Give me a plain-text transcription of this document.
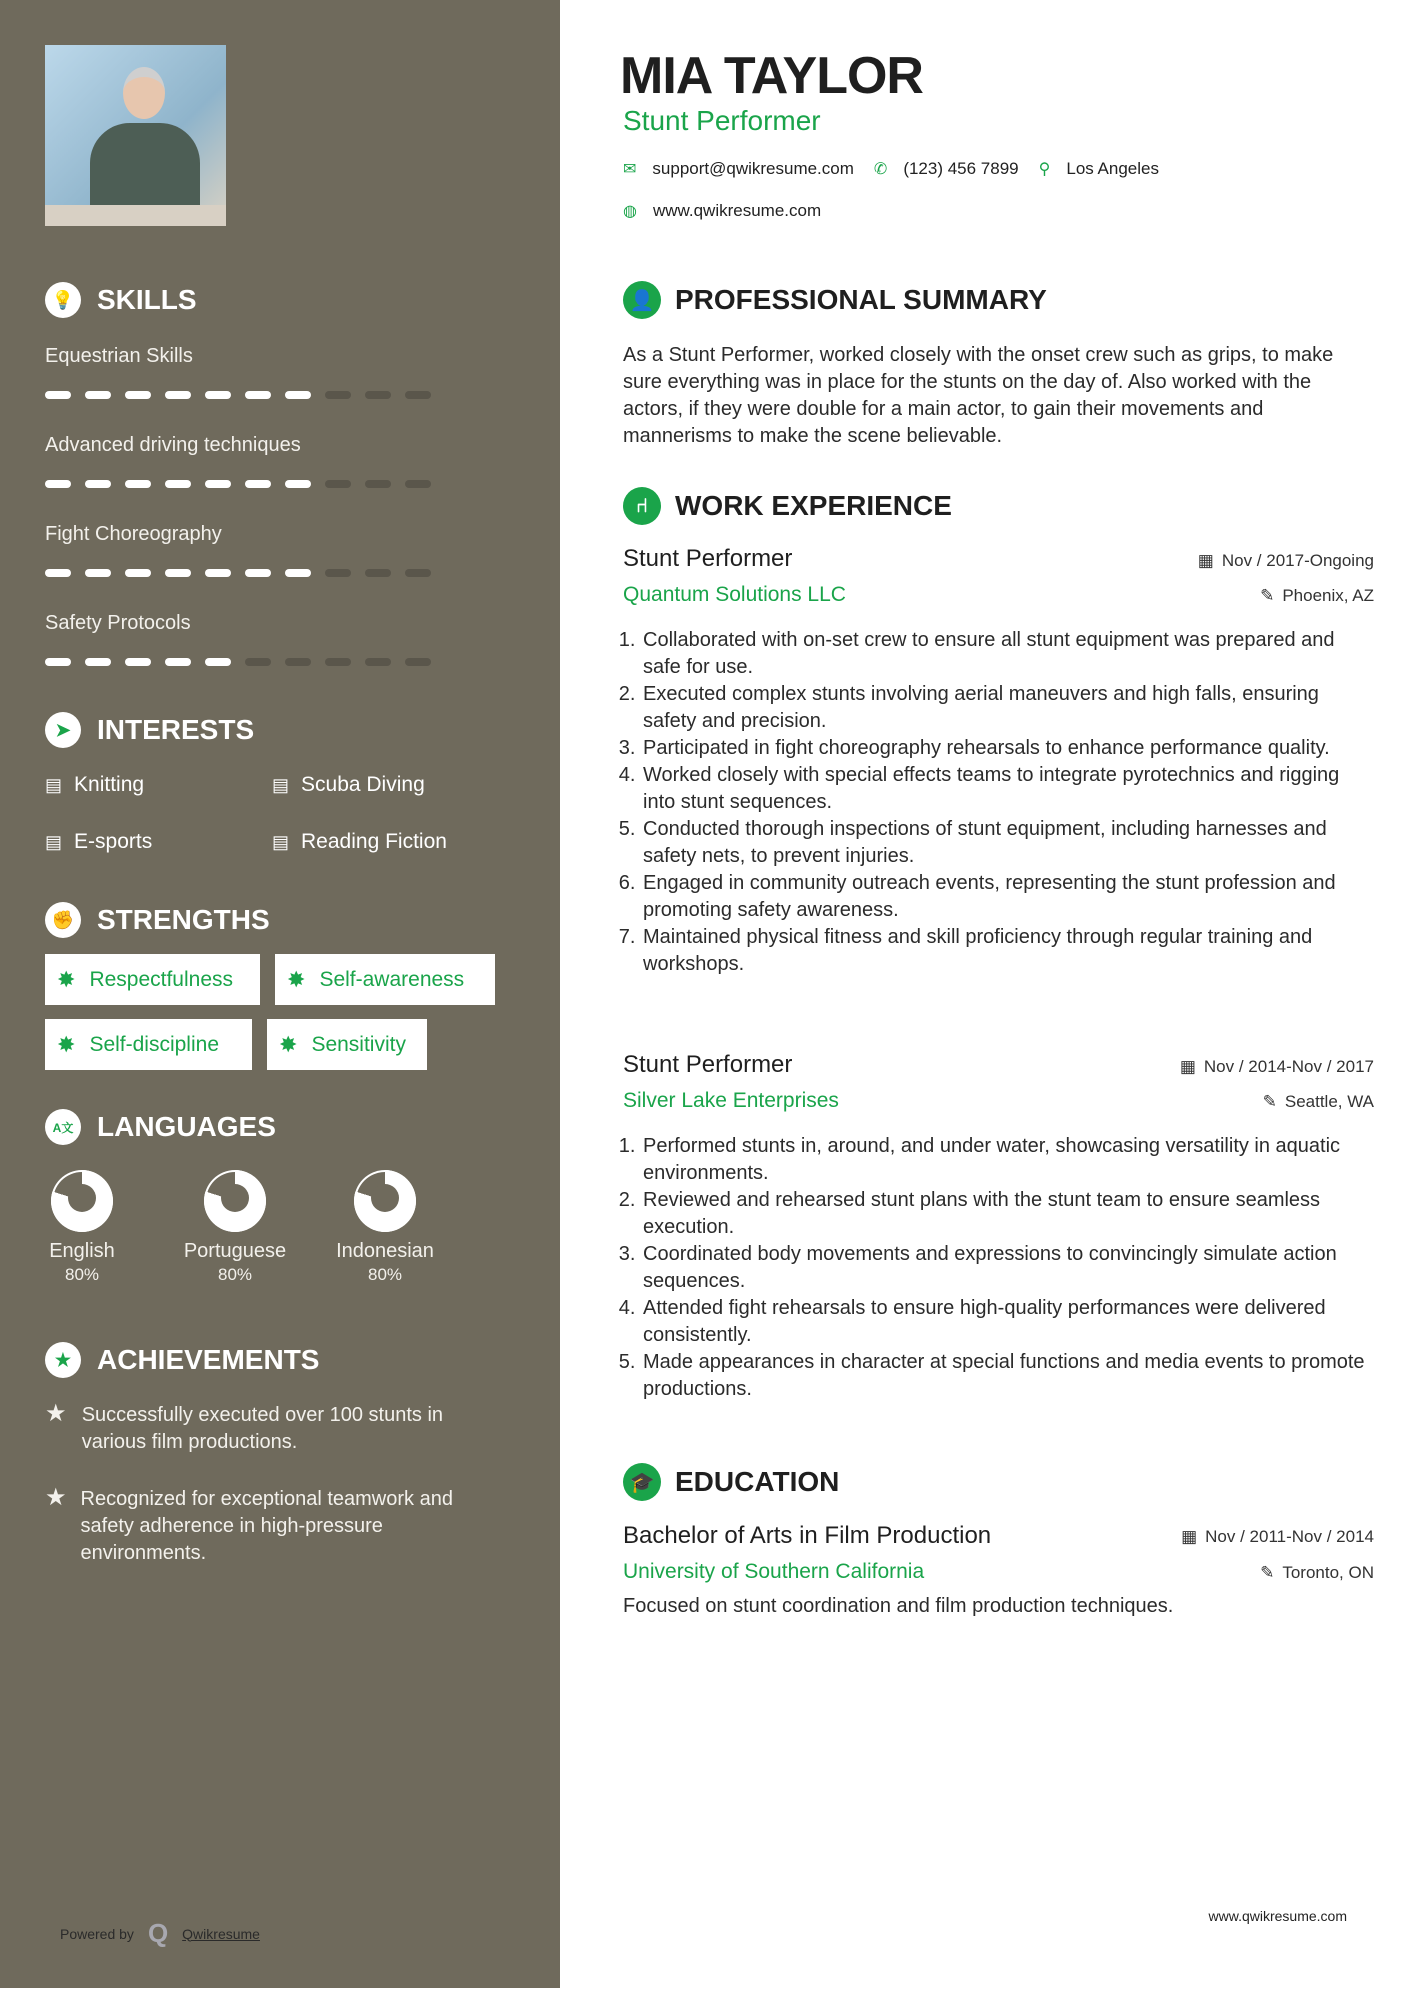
💡 SKILLS
Equestrian Skills
Advanced driving techniques
Fight Choreography
Safety Protocols
➤ INTERESTS
▤ Knitting	▤ Scuba Diving
▤ E-sports	▤ Reading Fiction
✊ STRENGTHS
✸ Respectfulness ✸ Self-awareness
✸ Self-discipline	✸ Sensitivity
A文 LANGUAGES
English
80%
Portuguese
80%
Indonesian
80%
★ ACHIEVEMENTS
★ Successfully executed over 100 stunts in various film productions.
★ Recognized for exceptional teamwork and safety adherence in high-pressure environments.
Powered by Q Qwikresume
MIA TAYLOR
Stunt Performer
✉ support@qwikresume.com ✆ (123) 456 7899 ⚲ Los Angeles
◍ www.qwikresume.com
👤 PROFESSIONAL SUMMARY
As a Stunt Performer, worked closely with the onset crew such as grips, to make sure everything was in place for the stunts on the day of. Also worked with the actors, if they were double for a main actor, to gain their movements and mannerisms to make the scene believable.
⑁ WORK EXPERIENCE
Stunt Performer	▦ Nov / 2017-Ongoing
Quantum Solutions LLC	✎ Phoenix, AZ
1. Collaborated with on-set crew to ensure all stunt equipment was prepared and safe for use.
2. Executed complex stunts involving aerial maneuvers and high falls, ensuring safety and precision.
3. Participated in fight choreography rehearsals to enhance performance quality.
4. Worked closely with special effects teams to integrate pyrotechnics and rigging into stunt sequences.
5. Conducted thorough inspections of stunt equipment, including harnesses and safety nets, to prevent injuries.
6. Engaged in community outreach events, representing the stunt profession and promoting safety awareness.
7. Maintained physical fitness and skill proficiency through regular training and workshops.
Stunt Performer	▦ Nov / 2014-Nov / 2017
Silver Lake Enterprises	✎ Seattle, WA
1. Performed stunts in, around, and under water, showcasing versatility in aquatic environments.
2. Reviewed and rehearsed stunt plans with the stunt team to ensure seamless execution.
3. Coordinated body movements and expressions to convincingly simulate action sequences.
4. Attended fight rehearsals to ensure high-quality performances were delivered consistently.
5. Made appearances in character at special functions and media events to promote productions.
🎓 EDUCATION
Bachelor of Arts in Film Production	▦ Nov / 2011-Nov / 2014
University of Southern California	✎ Toronto, ON
Focused on stunt coordination and film production techniques.
www.qwikresume.com
